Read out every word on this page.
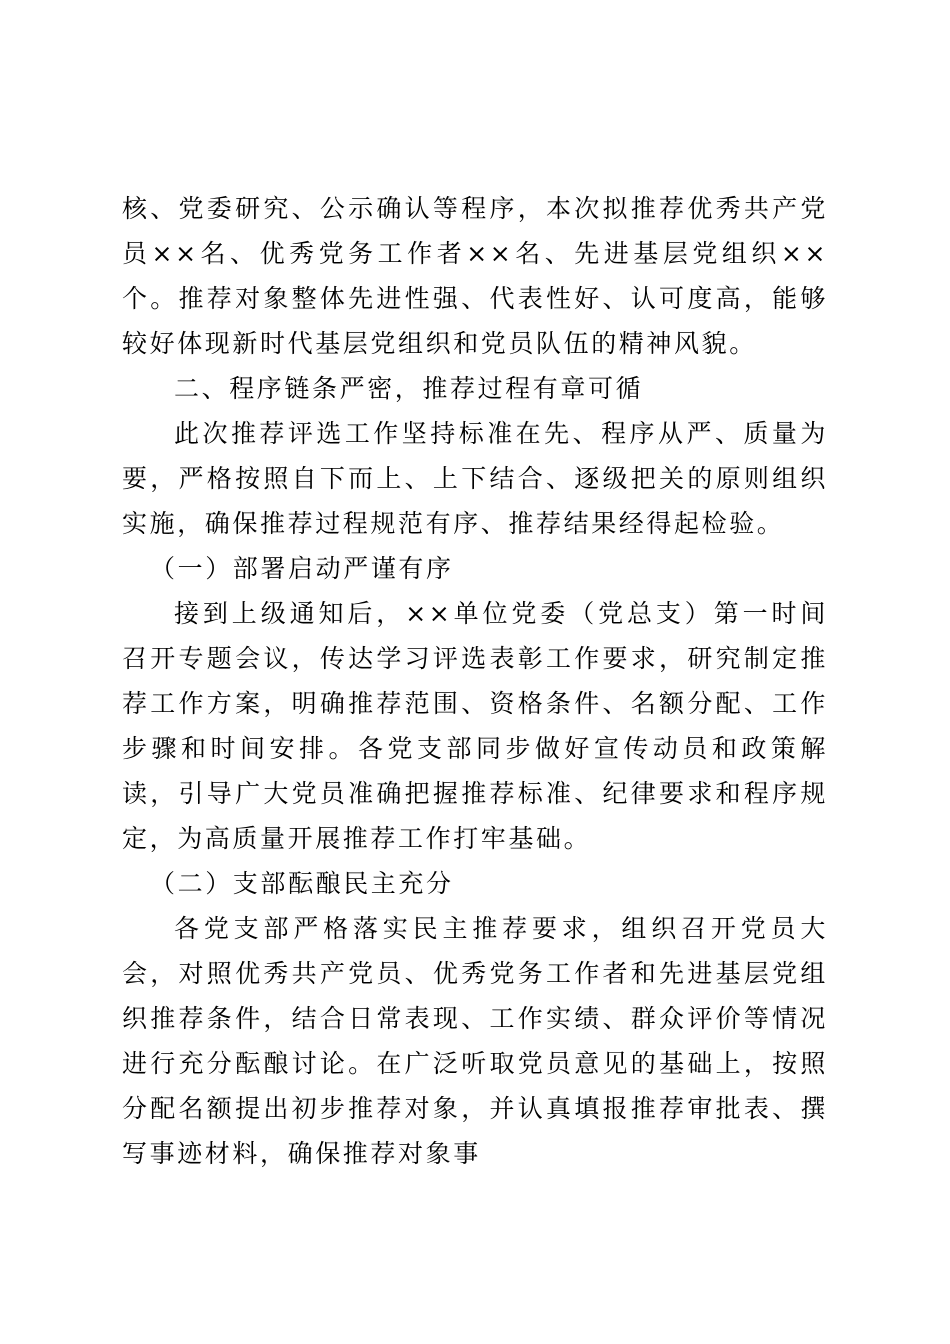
核、党委研究、公示确认等程序，本次拟推荐优秀共产党员××名、优秀党务工作者××名、先进基层党组织××个。推荐对象整体先进性强、代表性好、认可度高，能够较好体现新时代基层党组织和党员队伍的精神风貌。

二、程序链条严密，推荐过程有章可循

此次推荐评选工作坚持标准在先、程序从严、质量为要，严格按照自下而上、上下结合、逐级把关的原则组织实施，确保推荐过程规范有序、推荐结果经得起检验。

（一）部署启动严谨有序

接到上级通知后，××单位党委（党总支）第一时间召开专题会议，传达学习评选表彰工作要求，研究制定推荐工作方案，明确推荐范围、资格条件、名额分配、工作步骤和时间安排。各党支部同步做好宣传动员和政策解读，引导广大党员准确把握推荐标准、纪律要求和程序规定，为高质量开展推荐工作打牢基础。

（二）支部酝酿民主充分

各党支部严格落实民主推荐要求，组织召开党员大会，对照优秀共产党员、优秀党务工作者和先进基层党组织推荐条件，结合日常表现、工作实绩、群众评价等情况进行充分酝酿讨论。在广泛听取党员意见的基础上，按照分配名额提出初步推荐对象，并认真填报推荐审批表、撰写事迹材料，确保推荐对象事
